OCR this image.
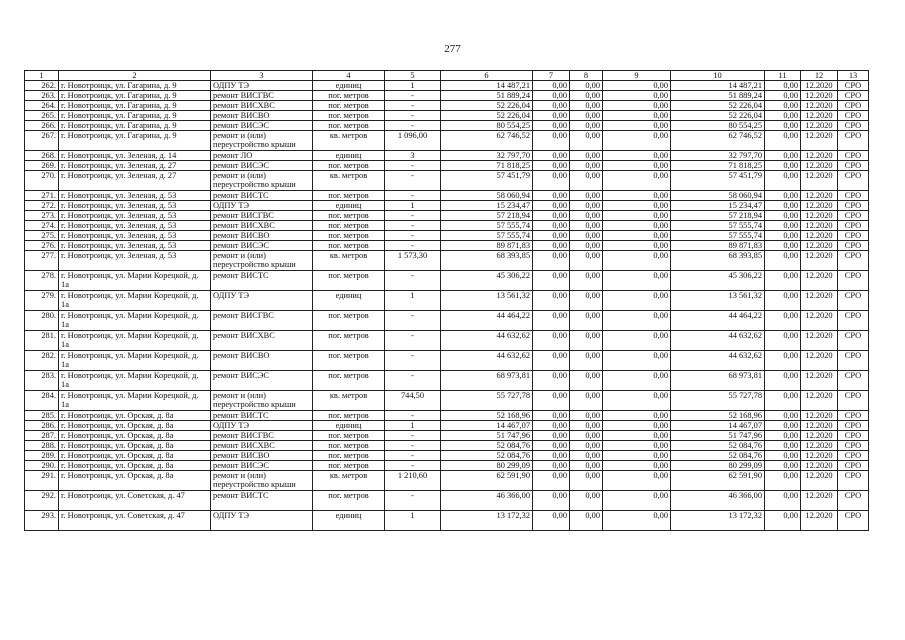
277
1	2	3	4	5	6	7	8	9	10	11	12	13
262.	г. Новотроицк, ул. Гагарина, д. 9	ОДПУ ТЭ	единиц	1	14 487,21	0,00	0,00	0,00	14 487,21	0,00	12.2020	СРО
263.	г. Новотроицк, ул. Гагарина, д. 9	ремонт ВИСГВС	пог. метров	-	51 889,24	0,00	0,00	0,00	51 889,24	0,00	12.2020	СРО
264.	г. Новотроицк, ул. Гагарина, д. 9	ремонт ВИСХВС	пог. метров	-	52 226,04	0,00	0,00	0,00	52 226,04	0,00	12.2020	СРО
265.	г. Новотроицк, ул. Гагарина, д. 9	ремонт ВИСВО	пог. метров	-	52 226,04	0,00	0,00	0,00	52 226,04	0,00	12.2020	СРО
266.	г. Новотроицк, ул. Гагарина, д. 9	ремонт ВИСЭС	пог. метров	-	80 554,25	0,00	0,00	0,00	80 554,25	0,00	12.2020	СРО
267.	г. Новотроицк, ул. Гагарина, д. 9	ремонт и (или) переустройство крыши	кв. метров	1 096,00	62 746,52	0,00	0,00	0,00	62 746,52	0,00	12.2020	СРО
268.	г. Новотроицк, ул. Зеленая, д. 14	ремонт ЛО	единиц	3	32 797,70	0,00	0,00	0,00	32 797,70	0,00	12.2020	СРО
269.	г. Новотроицк, ул. Зеленая, д. 27	ремонт ВИСЭС	пог. метров	-	71 818,25	0,00	0,00	0,00	71 818,25	0,00	12.2020	СРО
270.	г. Новотроицк, ул. Зеленая, д. 27	ремонт и (или) переустройство крыши	кв. метров	-	57 451,79	0,00	0,00	0,00	57 451,79	0,00	12.2020	СРО
271.	г. Новотроицк, ул. Зеленая, д. 53	ремонт ВИСТС	пог. метров	-	58 060,94	0,00	0,00	0,00	58 060,94	0,00	12.2020	СРО
272.	г. Новотроицк, ул. Зеленая, д. 53	ОДПУ ТЭ	единиц	1	15 234,47	0,00	0,00	0,00	15 234,47	0,00	12.2020	СРО
273.	г. Новотроицк, ул. Зеленая, д. 53	ремонт ВИСГВС	пог. метров	-	57 218,94	0,00	0,00	0,00	57 218,94	0,00	12.2020	СРО
274.	г. Новотроицк, ул. Зеленая, д. 53	ремонт ВИСХВС	пог. метров	-	57 555,74	0,00	0,00	0,00	57 555,74	0,00	12.2020	СРО
275.	г. Новотроицк, ул. Зеленая, д. 53	ремонт ВИСВО	пог. метров	-	57 555,74	0,00	0,00	0,00	57 555,74	0,00	12.2020	СРО
276.	г. Новотроицк, ул. Зеленая, д. 53	ремонт ВИСЭС	пог. метров	-	89 871,83	0,00	0,00	0,00	89 871,83	0,00	12.2020	СРО
277.	г. Новотроицк, ул. Зеленая, д. 53	ремонт и (или) переустройство крыши	кв. метров	1 573,30	68 393,85	0,00	0,00	0,00	68 393,85	0,00	12.2020	СРО
278.	г. Новотроицк, ул. Марии Корецкой, д. 1а	ремонт ВИСТС	пог. метров	-	45 306,22	0,00	0,00	0,00	45 306,22	0,00	12.2020	СРО
279.	г. Новотроицк, ул. Марии Корецкой, д. 1а	ОДПУ ТЭ	единиц	1	13 561,32	0,00	0,00	0,00	13 561,32	0,00	12.2020	СРО
280.	г. Новотроицк, ул. Марии Корецкой, д. 1а	ремонт ВИСГВС	пог. метров	-	44 464,22	0,00	0,00	0,00	44 464,22	0,00	12.2020	СРО
281.	г. Новотроицк, ул. Марии Корецкой, д. 1а	ремонт ВИСХВС	пог. метров	-	44 632,62	0,00	0,00	0,00	44 632,62	0,00	12.2020	СРО
282.	г. Новотроицк, ул. Марии Корецкой, д. 1а	ремонт ВИСВО	пог. метров	-	44 632,62	0,00	0,00	0,00	44 632,62	0,00	12.2020	СРО
283.	г. Новотроицк, ул. Марии Корецкой, д. 1а	ремонт ВИСЭС	пог. метров	-	68 973,81	0,00	0,00	0,00	68 973,81	0,00	12.2020	СРО
284.	г. Новотроицк, ул. Марии Корецкой, д. 1а	ремонт и (или) переустройство крыши	кв. метров	744,50	55 727,78	0,00	0,00	0,00	55 727,78	0,00	12.2020	СРО
285.	г. Новотроицк, ул. Орская, д. 8а	ремонт ВИСТС	пог. метров	-	52 168,96	0,00	0,00	0,00	52 168,96	0,00	12.2020	СРО
286.	г. Новотроицк, ул. Орская, д. 8а	ОДПУ ТЭ	единиц	1	14 467,07	0,00	0,00	0,00	14 467,07	0,00	12.2020	СРО
287.	г. Новотроицк, ул. Орская, д. 8а	ремонт ВИСГВС	пог. метров	-	51 747,96	0,00	0,00	0,00	51 747,96	0,00	12.2020	СРО
288.	г. Новотроицк, ул. Орская, д. 8а	ремонт ВИСХВС	пог. метров	-	52 084,76	0,00	0,00	0,00	52 084,76	0,00	12.2020	СРО
289.	г. Новотроицк, ул. Орская, д. 8а	ремонт ВИСВО	пог. метров	-	52 084,76	0,00	0,00	0,00	52 084,76	0,00	12.2020	СРО
290.	г. Новотроицк, ул. Орская, д. 8а	ремонт ВИСЭС	пог. метров	-	80 299,09	0,00	0,00	0,00	80 299,09	0,00	12.2020	СРО
291.	г. Новотроицк, ул. Орская, д. 8а	ремонт и (или) переустройство крыши	кв. метров	1 210,60	62 591,90	0,00	0,00	0,00	62 591,90	0,00	12.2020	СРО
292.	г. Новотроицк, ул. Советская, д. 47	ремонт ВИСТС	пог. метров	-	46 366,00	0,00	0,00	0,00	46 366,00	0,00	12.2020	СРО
293.	г. Новотроицк, ул. Советская, д. 47	ОДПУ ТЭ	единиц	1	13 172,32	0,00	0,00	0,00	13 172,32	0,00	12.2020	СРО
